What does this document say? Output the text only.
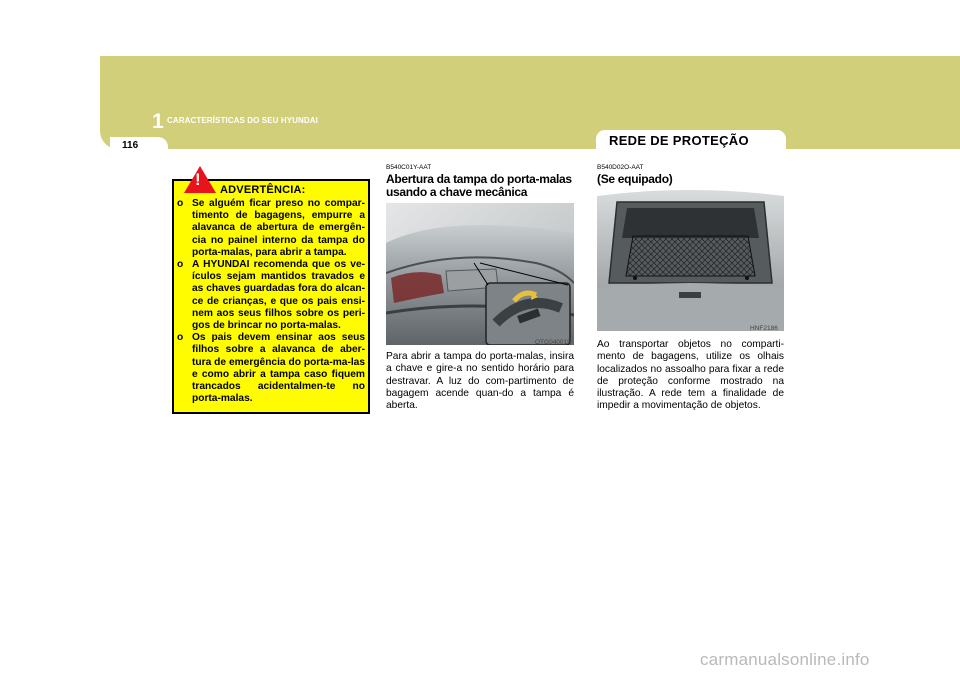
1 CARACTERÍSTICAS DO SEU HYUNDAI
116	REDE DE PROTEÇÃO
!
ADVERTÊNCIA:
o Se alguém ficar preso no compar-timento de bagagens, empurre a alavanca de abertura de emergên-cia no painel interno da tampa do porta-malas, para abrir a tampa.
o A HYUNDAI recomenda que os ve-ículos sejam mantidos travados e as chaves guardadas fora do alcan-ce de crianças, e que os pais ensi-nem aos seus filhos sobre os peri-gos de brincar no porta-malas.
o Os pais devem ensinar aos seus filhos sobre a alavanca de aber-tura de emergência do porta-ma-las e como abrir a tampa caso fiquem trancados acidentalmen-te no porta-malas.
B540C01Y-AAT
Abertura da tampa do porta-malas
usando a chave mecânica
OTG040015

Para abrir a tampa do porta-malas, insira a chave e gire-a no sentido horário para destravar. A luz do com-partimento de bagagem acende quan-do a tampa é aberta.

B540D02O-AAT
(Se equipado)
HNF2186

Ao transportar objetos no comparti-mento de bagagens, utilize os olhais localizados no assoalho para fixar a rede de proteção conforme mostrado na ilustração. A rede tem a finalidade de impedir a movimentação de objetos.

carmanualsonline.info
